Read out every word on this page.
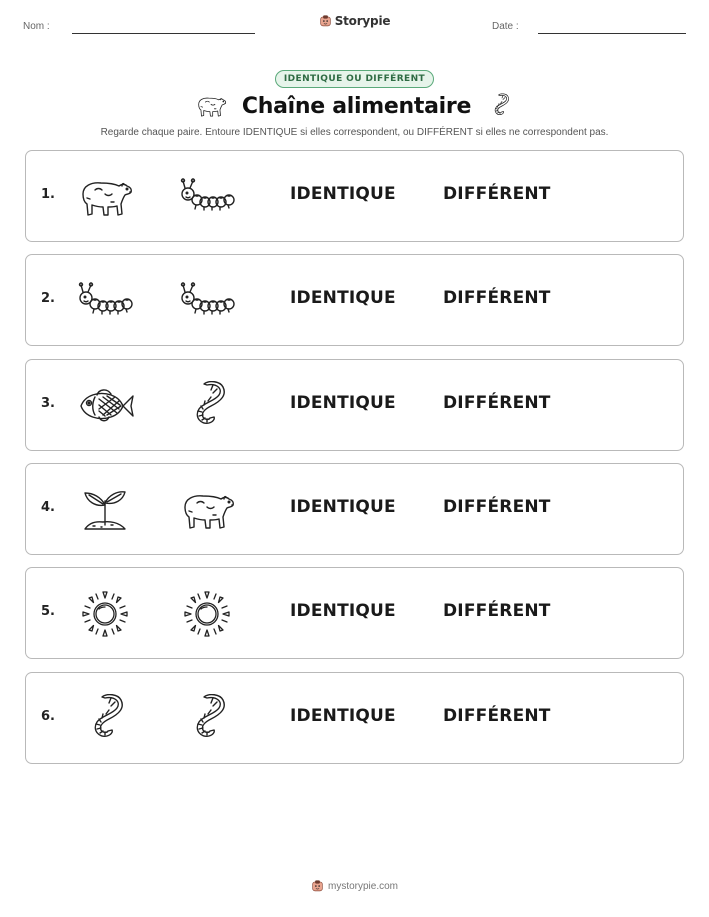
Nom :	Storypie	Date :
IDENTIQUE OU DIFFÉRENT
Chaîne alimentaire
Regarde chaque paire. Entoure IDENTIQUE si elles correspondent, ou DIFFÉRENT si elles ne correspondent pas.
1.	IDENTIQUE	DIFFÉRENT
2.	IDENTIQUE	DIFFÉRENT
3.	IDENTIQUE	DIFFÉRENT
4.	IDENTIQUE	DIFFÉRENT
5.	IDENTIQUE	DIFFÉRENT
6.	IDENTIQUE	DIFFÉRENT
mystorypie.com
